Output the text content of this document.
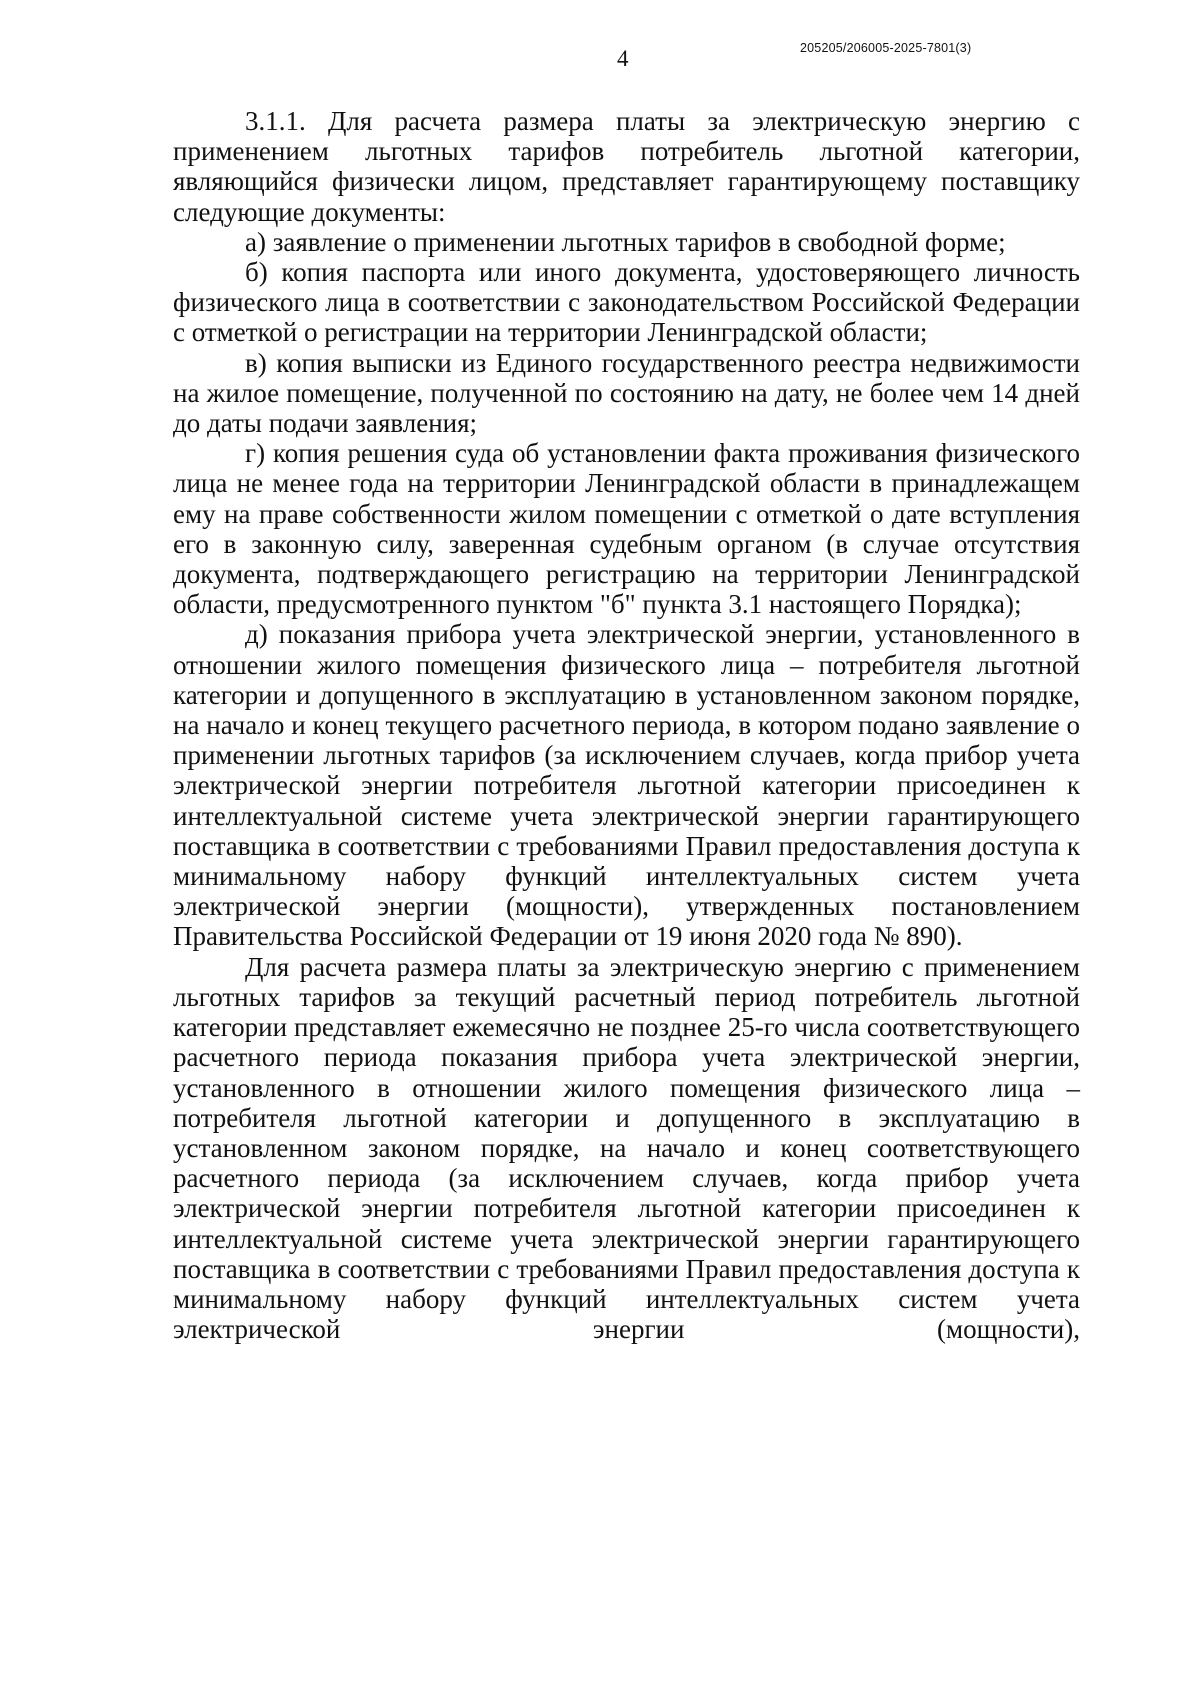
4	205205/206005-2025-7801(3)

3.1.1. Для расчета размера платы за электрическую энергию с применением льготных тарифов потребитель льготной категории, являющийся физически лицом, представляет гарантирующему поставщику следующие документы:

а) заявление о применении льготных тарифов в свободной форме;

б) копия паспорта или иного документа, удостоверяющего личность физического лица в соответствии с законодательством Российской Федерации с отметкой о регистрации на территории Ленинградской области;

в) копия выписки из Единого государственного реестра недвижимости на жилое помещение, полученной по состоянию на дату, не более чем 14 дней до даты подачи заявления;

г) копия решения суда об установлении факта проживания физического лица не менее года на территории Ленинградской области в принадлежащем ему на праве собственности жилом помещении с отметкой о дате вступления его в законную силу, заверенная судебным органом (в случае отсутствия документа, подтверждающего регистрацию на территории Ленинградской области, предусмотренного пунктом "б" пункта 3.1 настоящего Порядка);

д) показания прибора учета электрической энергии, установленного в отношении жилого помещения физического лица – потребителя льготной категории и допущенного в эксплуатацию в установленном законом порядке, на начало и конец текущего расчетного периода, в котором подано заявление о применении льготных тарифов (за исключением случаев, когда прибор учета электрической энергии потребителя льготной категории присоединен к интеллектуальной системе учета электрической энергии гарантирующего поставщика в соответствии с требованиями Правил предоставления доступа к минимальному набору функций интеллектуальных систем учета электрической энергии (мощности), утвержденных постановлением Правительства Российской Федерации от 19 июня 2020 года № 890).

Для расчета размера платы за электрическую энергию с применением льготных тарифов за текущий расчетный период потребитель льготной категории представляет ежемесячно не позднее 25-го числа соответствующего расчетного периода показания прибора учета электрической энергии, установленного в отношении жилого помещения физического лица – потребителя льготной категории и допущенного в эксплуатацию в установленном законом порядке, на начало и конец соответствующего расчетного периода (за исключением случаев, когда прибор учета электрической энергии потребителя льготной категории присоединен к интеллектуальной системе учета электрической энергии гарантирующего поставщика в соответствии с требованиями Правил предоставления доступа к минимальному набору функций интеллектуальных систем учета электрической энергии (мощности),
